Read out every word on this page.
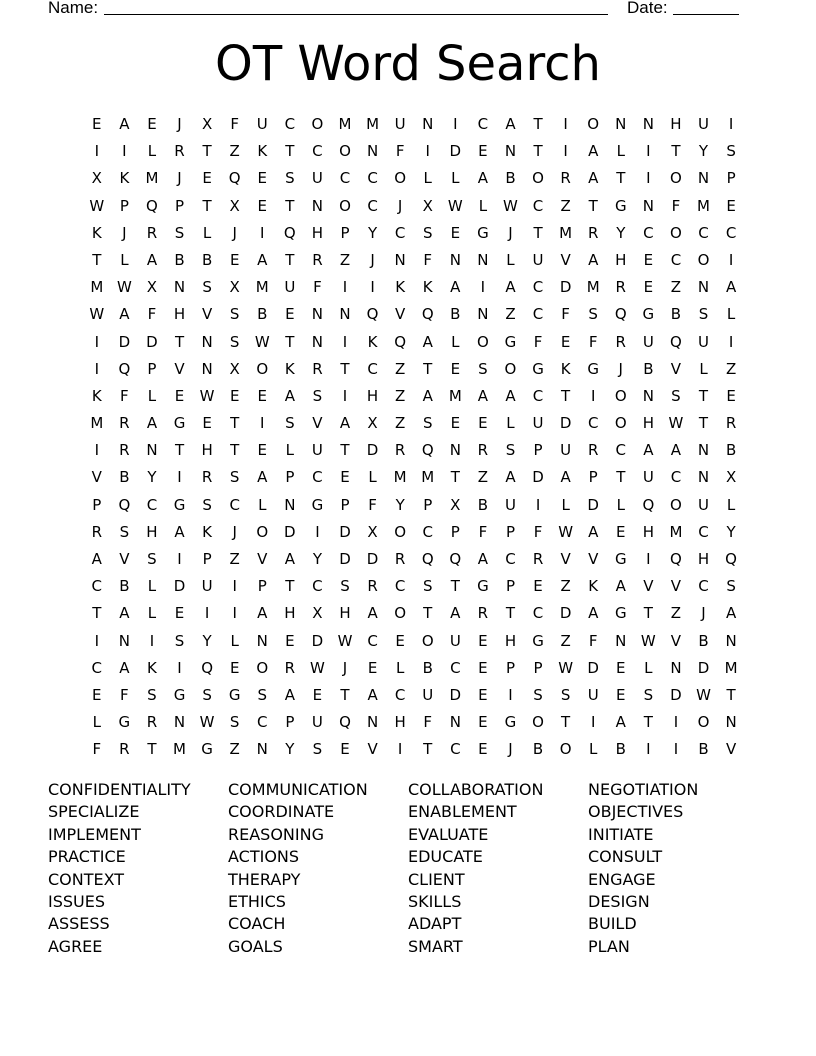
Name:	Date:
OT Word Search
E	A	E	J	X	F	U	C	O	M M	U	N	I	C	A	T	I	O	N	N	H	U	I
I	I	L	R	T	Z	K	T	C	O	N	F	I	D	E	N	T	I	A	L	I	T	Y	S
X	K	M	J	E	Q	E	S	U	C	C	O	L	L	A	B	O	R	A	T	I	O	N	P
W	P	Q	P	T	X	E	T	N	O	C	J	X	W	L	W C	Z	T	G	N	F	M	E
K	J	R	S	L	J	I	Q	H	P	Y	C	S	E	G	J	T	M	R	Y	C	O	C	C
T	L	A	B	B	E	A	T	R	Z	J	N	F	N	N	L	U	V	A	H	E	C	O	I
M W	X	N	S	X	M	U	F	I	I	K	K	A	I	A	C	D	M	R	E	Z	N	A
W	A	F	H	V	S	B	E	N	N	Q	V	Q	B	N	Z	C	F	S	Q	G	B	S	L
I	D	D	T	N	S	W	T	N	I	K	Q	A	L	O	G	F	E	F	R	U	Q	U	I
I	Q	P	V	N	X	O	K	R	T	C	Z	T	E	S	O	G	K	G	J	B	V	L	Z
K	F	L	E	W	E	E	A	S	I	H	Z	A	M	A	A	C	T	I	O	N	S	T	E
M	R	A	G	E	T	I	S	V	A	X	Z	S	E	E	L	U	D	C	O	H W	T	R
I	R	N	T	H	T	E	L	U	T	D	R	Q	N	R	S	P	U	R	C	A	A	N	B
V	B	Y	I	R	S	A	P	C	E	L	M M	T	Z	A	D	A	P	T	U	C	N	X
P	Q	C	G	S	C	L	N	G	P	F	Y	P	X	B	U	I	L	D	L	Q	O	U	L
R	S	H	A	K	J	O	D	I	D	X	O	C	P	F	P	F	W	A	E	H	M	C	Y
A	V	S	I	P	Z	V	A	Y	D	D	R	Q	Q	A	C	R	V	V	G	I	Q	H	Q
C	B	L	D	U	I	P	T	C	S	R	C	S	T	G	P	E	Z	K	A	V	V	C	S
T	A	L	E	I	I	A	H	X	H	A	O	T	A	R	T	C	D	A	G	T	Z	J	A
I	N	I	S	Y	L	N	E	D W C	E	O	U	E	H	G	Z	F	N W	V	B	N
C	A	K	I	Q	E	O	R W	J	E	L	B	C	E	P	P	W D	E	L	N	D	M
E	F	S	G	S	G	S	A	E	T	A	C	U	D	E	I	S	S	U	E	S	D W	T
L	G	R	N W	S	C	P	U	Q	N	H	F	N	E	G	O	T	I	A	T	I	O	N
F	R	T	M	G	Z	N	Y	S	E	V	I	T	C	E	J	B	O	L	B	I	I	B	V
CONFIDENTIALITY	COMMUNICATION	COLLABORATION	NEGOTIATION
SPECIALIZE	COORDINATE	ENABLEMENT	OBJECTIVES
IMPLEMENT	REASONING	EVALUATE	INITIATE
PRACTICE	ACTIONS	EDUCATE	CONSULT
CONTEXT	THERAPY	CLIENT	ENGAGE
ISSUES	ETHICS	SKILLS	DESIGN
ASSESS	COACH	ADAPT	BUILD
AGREE	GOALS	SMART	PLAN
